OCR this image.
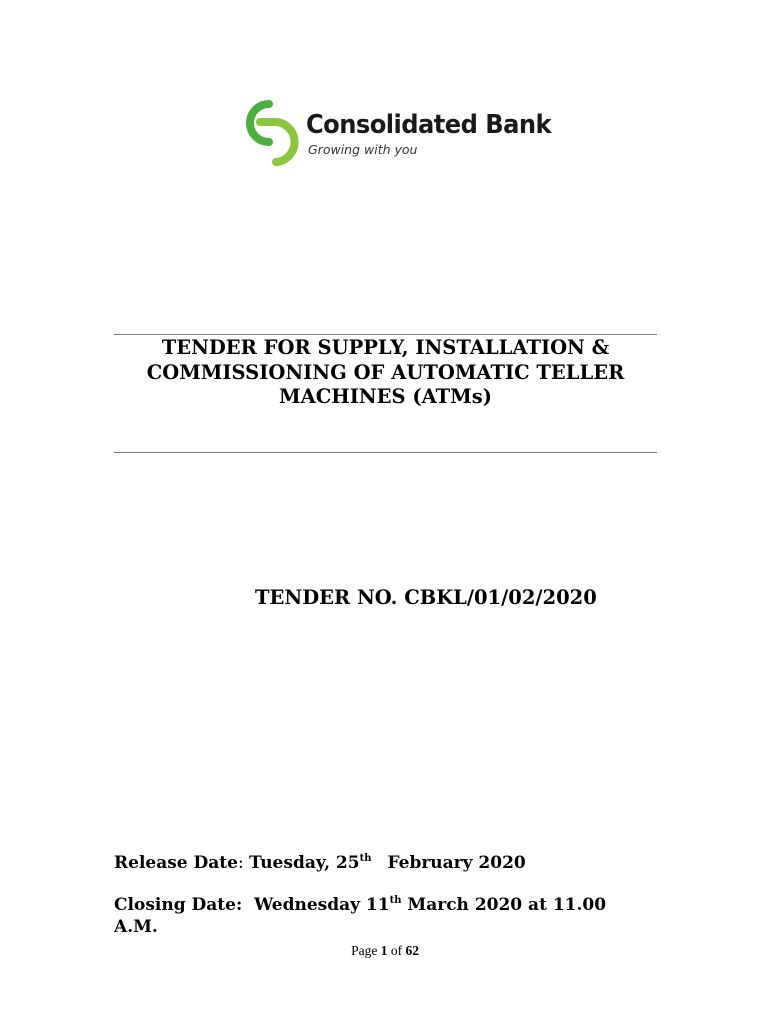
Consolidated Bank
Growing with you
TENDER FOR SUPPLY, INSTALLATION &
COMMISSIONING OF AUTOMATIC TELLER
MACHINES (ATMs)
TENDER NO. CBKL/01/02/2020
Release Date: Tuesday, 25th February 2020
Closing Date: Wednesday 11th March 2020 at 11.00
A.M.
Page 1 of 62
